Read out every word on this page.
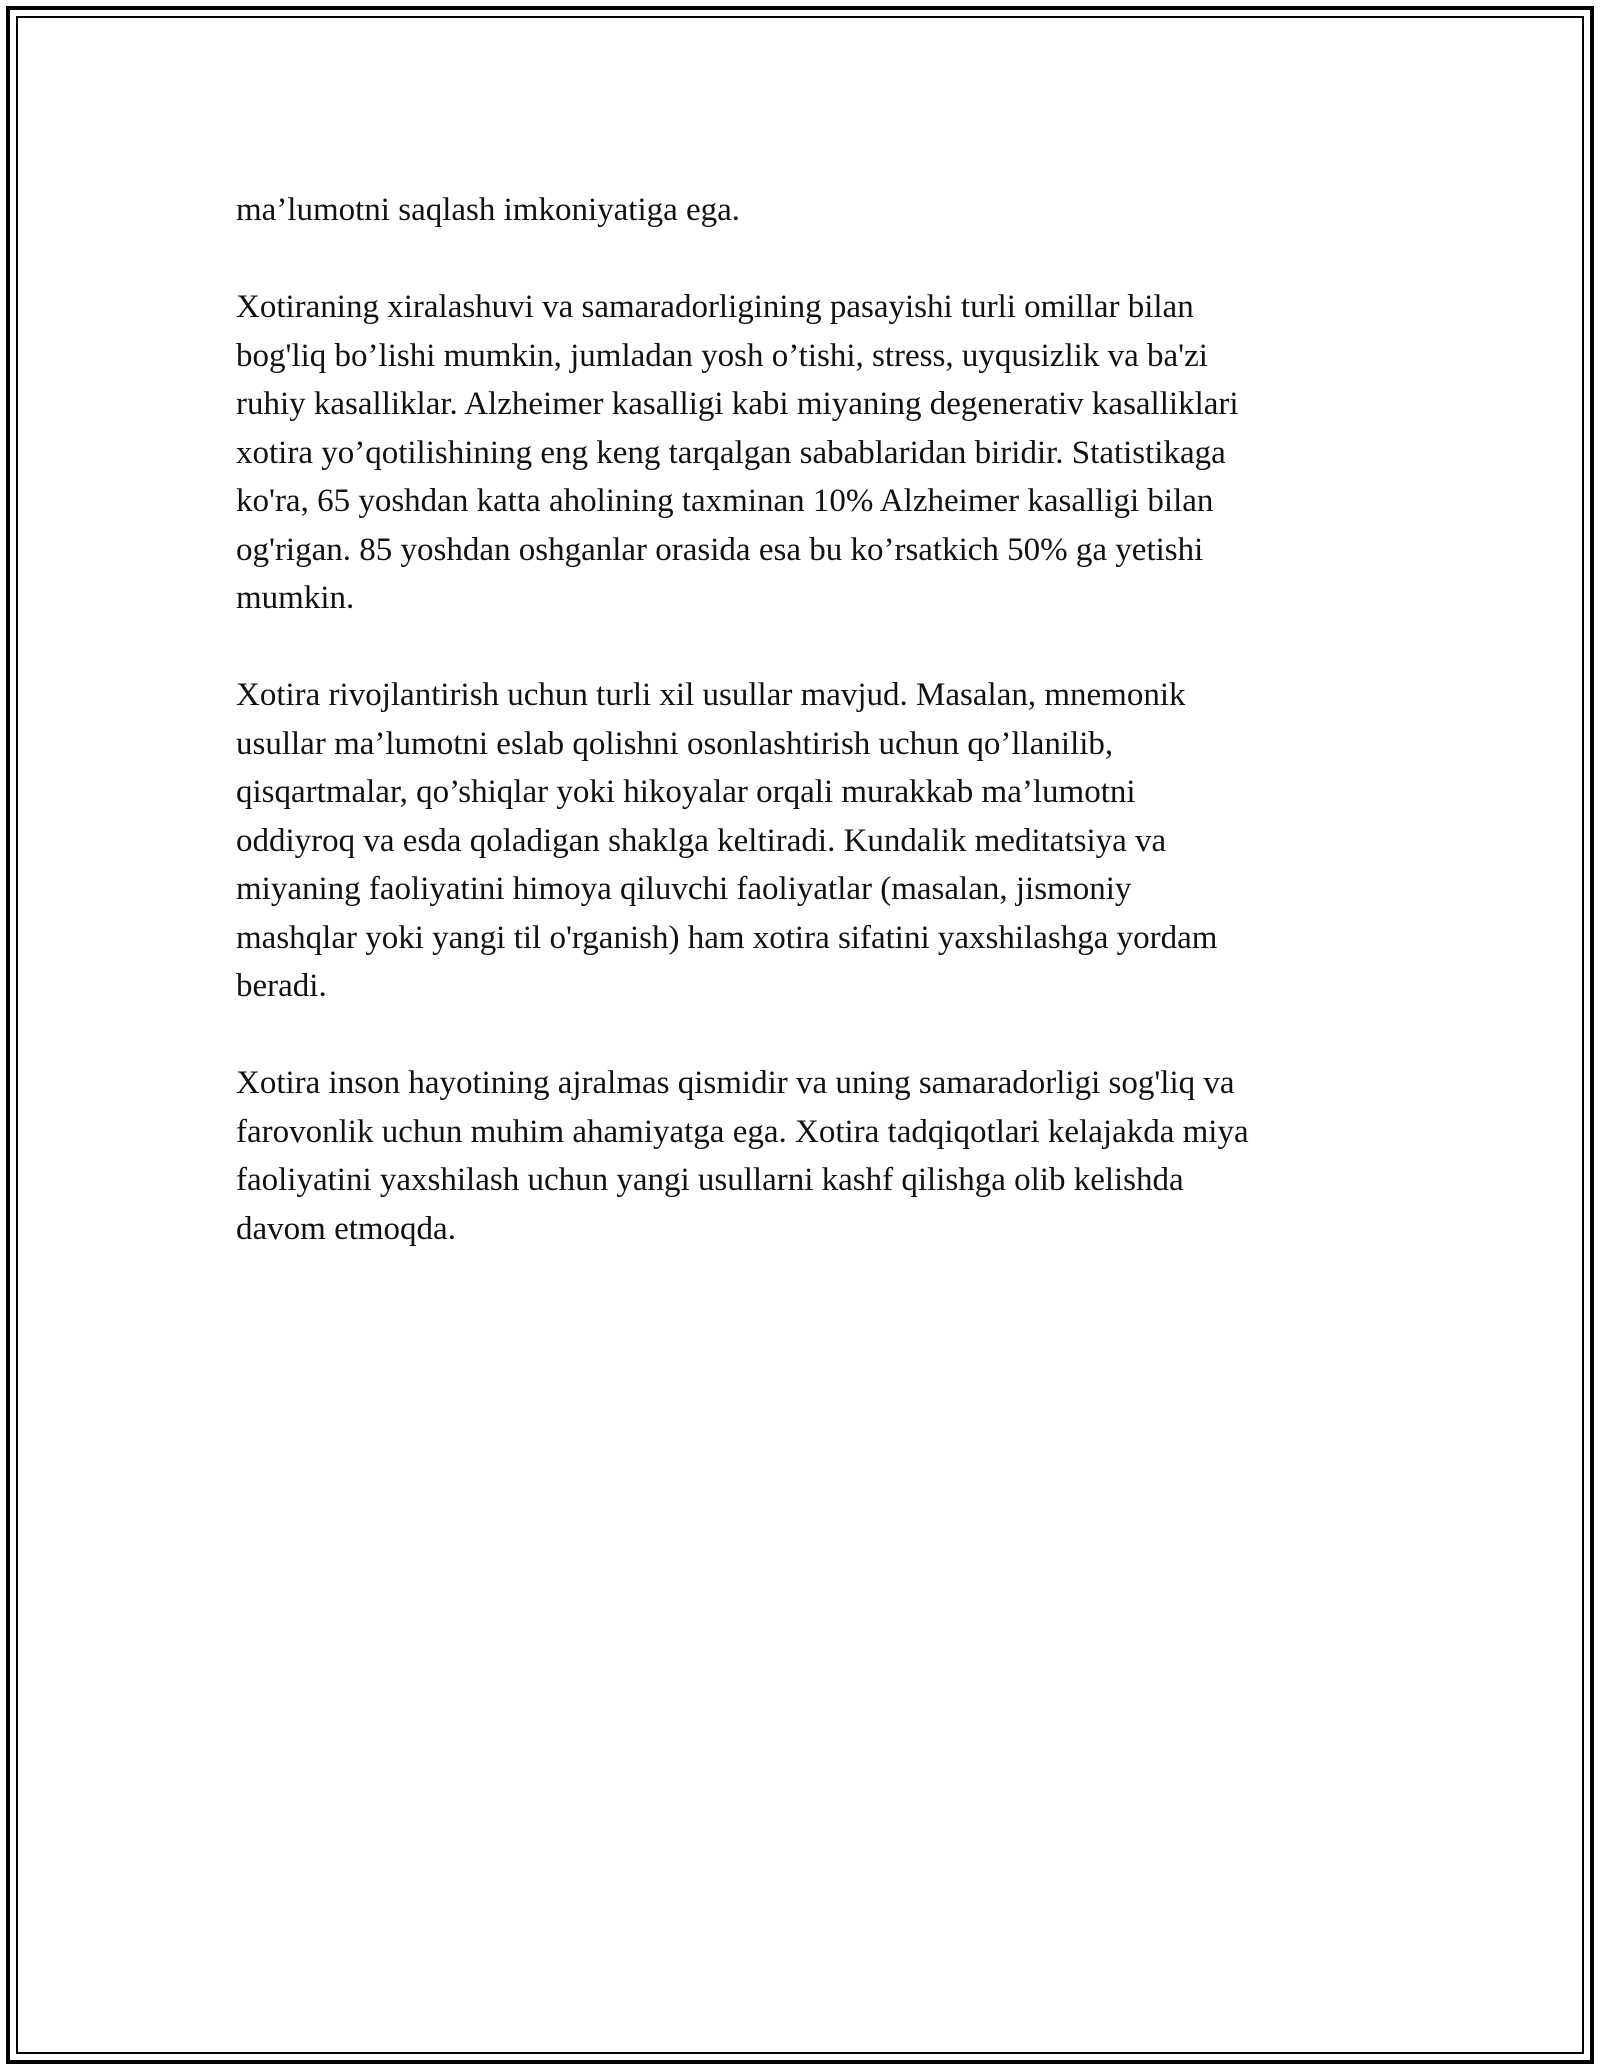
ma’lumotni saqlash imkoniyatiga ega.

Xotiraning xiralashuvi va samaradorligining pasayishi turli omillar bilan
bog'liq bo’lishi mumkin, jumladan yosh o’tishi, stress, uyqusizlik va ba'zi
ruhiy kasalliklar. Alzheimer kasalligi kabi miyaning degenerativ kasalliklari
xotira yo’qotilishining eng keng tarqalgan sabablaridan biridir. Statistikaga
ko'ra, 65 yoshdan katta aholining taxminan 10% Alzheimer kasalligi bilan
og'rigan. 85 yoshdan oshganlar orasida esa bu ko’rsatkich 50% ga yetishi
mumkin.

Xotira rivojlantirish uchun turli xil usullar mavjud. Masalan, mnemonik
usullar ma’lumotni eslab qolishni osonlashtirish uchun qo’llanilib,
qisqartmalar, qo’shiqlar yoki hikoyalar orqali murakkab ma’lumotni
oddiyroq va esda qoladigan shaklga keltiradi. Kundalik meditatsiya va
miyaning faoliyatini himoya qiluvchi faoliyatlar (masalan, jismoniy
mashqlar yoki yangi til o'rganish) ham xotira sifatini yaxshilashga yordam
beradi.

Xotira inson hayotining ajralmas qismidir va uning samaradorligi sog'liq va
farovonlik uchun muhim ahamiyatga ega. Xotira tadqiqotlari kelajakda miya
faoliyatini yaxshilash uchun yangi usullarni kashf qilishga olib kelishda
davom etmoqda.
